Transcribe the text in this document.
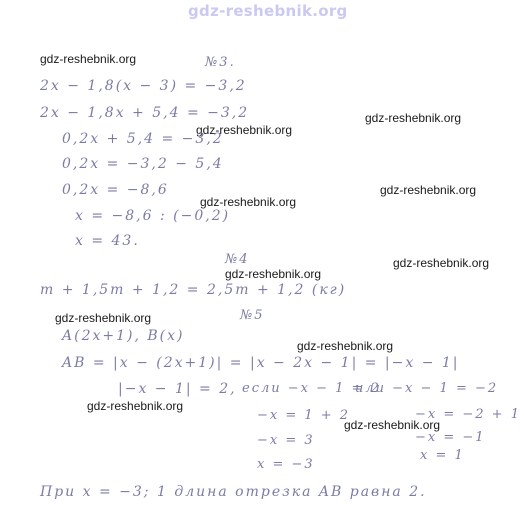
gdz-reshebnik.org
gdz-reshebnik.org
gdz-reshebnik.org
gdz-reshebnik.org
gdz-reshebnik.org
gdz-reshebnik.org
gdz-reshebnik.org
gdz-reshebnik.org
gdz-reshebnik.org
gdz-reshebnik.org
gdz-reshebnik.org
gdz-reshebnik.org
№3.
2x − 1,8(x − 3) = −3,2
2x − 1,8x + 5,4 = −3,2
0,2x + 5,4 = −3,2
0,2x = −3,2 − 5,4
0,2x = −8,6
x = −8,6 : (−0,2)
x = 43.
№4
m + 1,5m + 1,2 = 2,5m + 1,2 (кг)
№5
A(2x+1), B(x)
AB = |x − (2x+1)| = |x − 2x − 1| = |−x − 1|
|−x − 1| = 2, если −x − 1 = 2
или −x − 1 = −2
−x = 1 + 2
−x = 3
x = −3
−x = −2 + 1
−x = −1
x = 1
При x = −3; 1 длина отрезка AB равна 2.
